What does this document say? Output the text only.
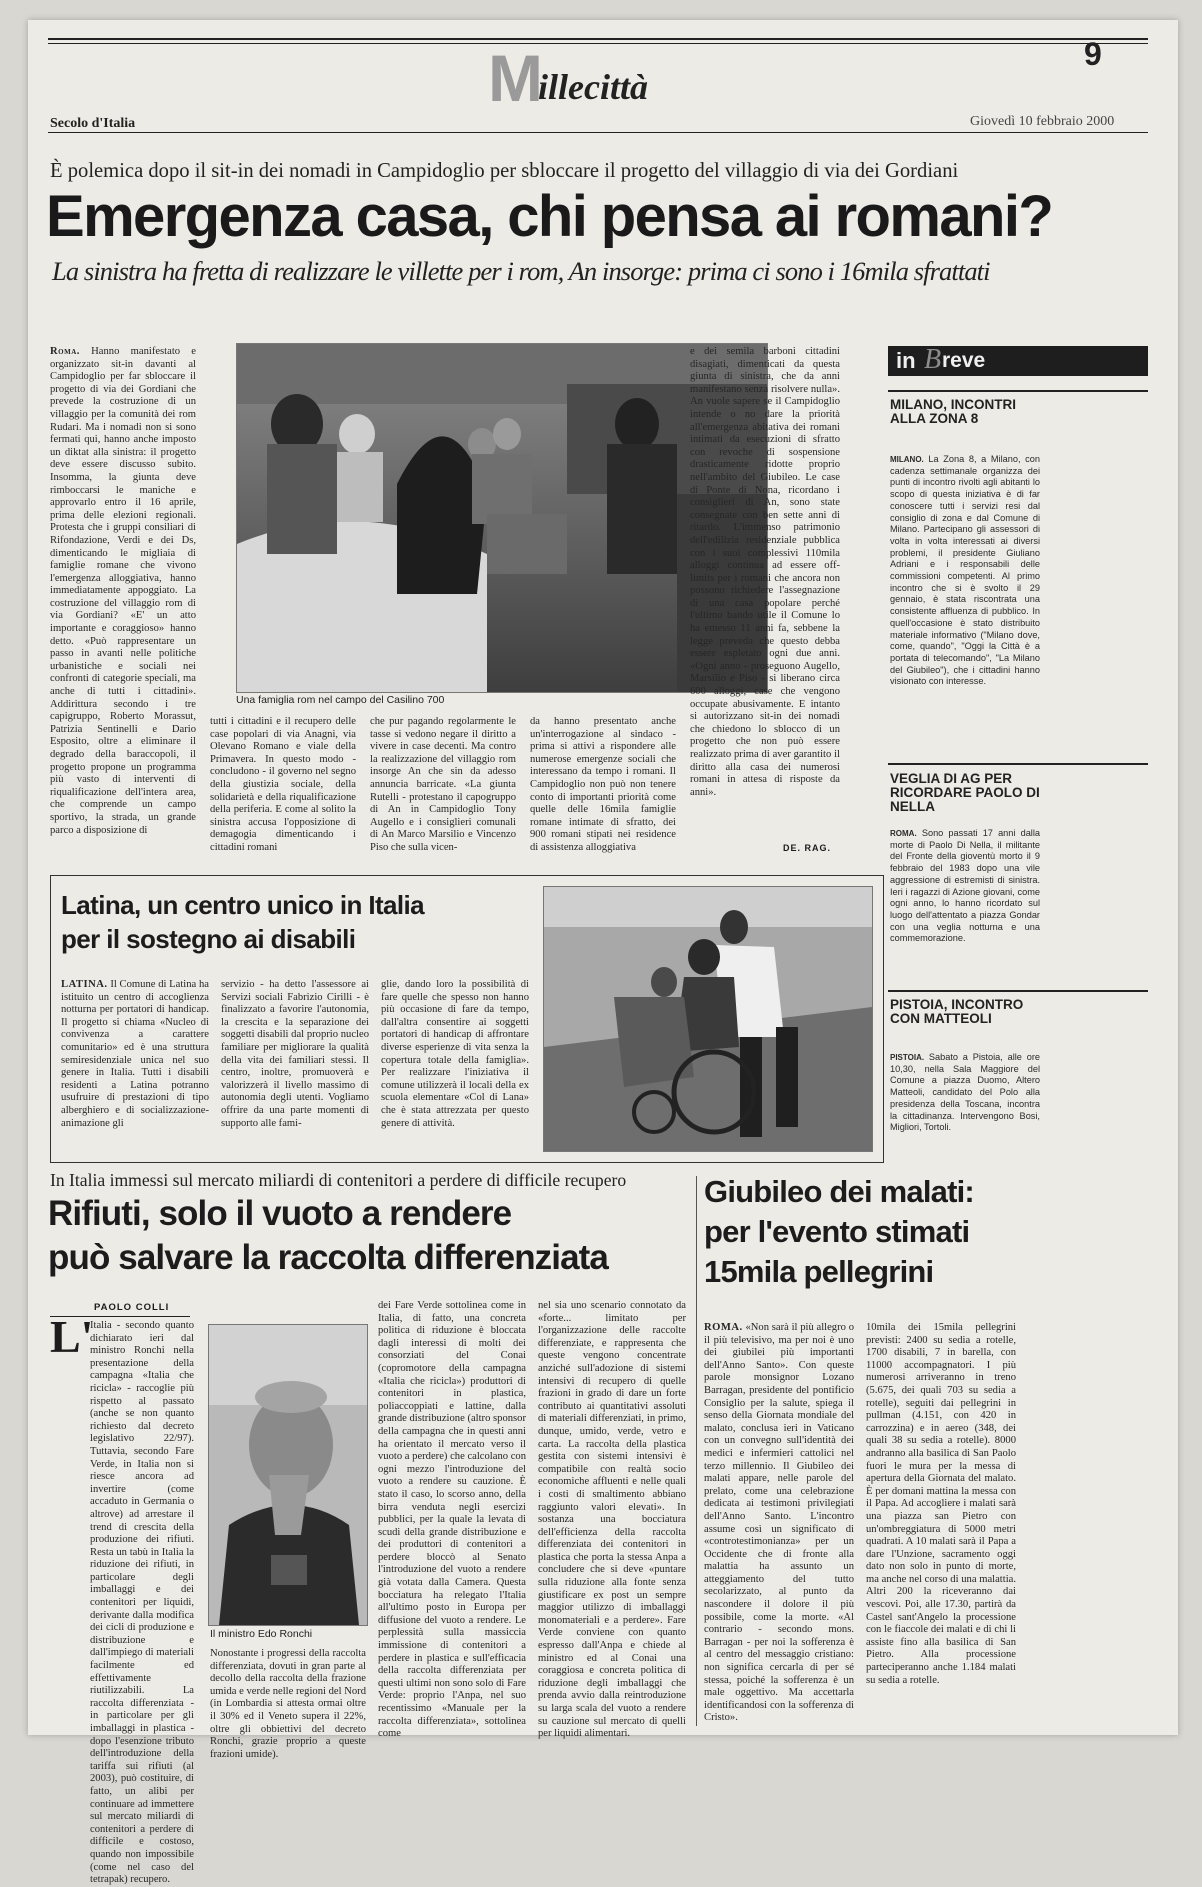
M
illecittà
9
Secolo d'Italia	Giovedì 10 febbraio 2000
È polemica dopo il sit-in dei nomadi in Campidoglio per sbloccare il progetto del villaggio di via dei Gordiani
Emergenza casa, chi pensa ai romani?
La sinistra ha fretta di realizzare le villette per i rom, An insorge: prima ci sono i 16mila sfrattati

Roma. Hanno manifestato e organizzato sit-in davanti al Campidoglio per far sbloccare il progetto di via dei Gordiani che prevede la costruzione di un villaggio per la comunità dei rom Rudari. Ma i nomadi non si sono fermati qui, hanno anche imposto un diktat alla sinistra: il progetto deve essere discusso subito. Insomma, la giunta deve rimboccarsi le maniche e approvarlo entro il 16 aprile, prima delle elezioni regionali. Protesta che i gruppi consiliari di Rifondazione, Verdi e dei Ds, dimenticando le migliaia di famiglie romane che vivono l'emergenza alloggiativa, hanno immediatamente appoggiato. La costruzione del villaggio rom di via Gordiani? «E' un atto importante e coraggioso» hanno detto. «Può rappresentare un passo in avanti nelle politiche urbanistiche e sociali nei confronti di categorie speciali, ma anche di tutti i cittadini». Addirittura secondo i tre capigruppo, Roberto Morassut, Patrizia Sentinelli e Dario Esposito, oltre a eliminare il degrado della baraccopoli, il progetto propone un programma più vasto di interventi di riqualificazione dell'intera area, che comprende un campo sportivo, la strada, un grande parco a disposizione di

Una famiglia rom nel campo del Casilino 700

tutti i cittadini e il recupero delle case popolari di via Anagni, via Olevano Romano e viale della Primavera. In questo modo - concludono - il governo nel segno della giustizia sociale, della solidarietà e della riqualificazione della periferia. E come al solito la sinistra accusa l'opposizione di demagogia dimenticando i cittadini romani

che pur pagando regolarmente le tasse si vedono negare il diritto a vivere in case decenti. Ma contro la realizzazione del villaggio rom insorge An che sin da adesso annuncia barricate. «La giunta Rutelli - protestano il capogruppo di An in Campidoglio Tony Augello e i consiglieri comunali di An Marco Marsilio e Vincenzo Piso che sulla vicen-

da hanno presentato anche un'interrogazione al sindaco - prima si attivi a rispondere alle numerose emergenze sociali che interessano da tempo i romani. Il Campidoglio non può non tenere conto di importanti priorità come quelle delle 16mila famiglie romane intimate di sfratto, dei 900 romani stipati nei residence di assistenza alloggiativa

e dei semila barboni cittadini disagiati, dimenticati da questa giunta di sinistra, che da anni manifestano senza risolvere nulla». An vuole sapere se il Campidoglio intende o no dare la priorità all'emergenza abitativa dei romani intimati da esecuzioni di sfratto con revoche di sospensione drasticamente ridotte proprio nell'ambito del Giubileo. Le case di Ponte di Nona, ricordano i consiglieri di An, sono state consegnate con ben sette anni di ritardo. L'immenso patrimonio dell'edilizia residenziale pubblica con i suoi complessivi 110mila alloggi continua ad essere off-limits per i romani che ancora non possono richiedere l'assegnazione di una casa popolare perché l'ultimo bando utile il Comune lo ha emesso 11 anni fa, sebbene la legge preveda che questo debba essere espletato ogni due anni. «Ogni anno - proseguono Augello, Marsilio e Piso - si liberano circa 600 alloggi, case che vengono occupate abusivamente. E intanto si autorizzano sit-in dei nomadi che chiedono lo sblocco di un progetto che non può essere realizzato prima di aver garantito il diritto alla casa dei numerosi romani in attesa di risposte da anni».

DE. RAG.
in B reve
MILANO, INCONTRI ALLA ZONA 8
MILANO. La Zona 8, a Milano, con cadenza settimanale organizza dei punti di incontro rivolti agli abitanti lo scopo di questa iniziativa è di far conoscere tutti i servizi resi dal consiglio di zona e dal Comune di Milano. Partecipano gli assessori di volta in volta interessati ai diversi problemi, il presidente Giuliano Adriani e i responsabili delle commissioni competenti. Al primo incontro che si è svolto il 29 gennaio, è stata riscontrata una consistente affluenza di pubblico. In quell'occasione è stato distribuito materiale informativo ("Milano dove, come, quando", "Oggi la Città è a portata di telecomando", "La Milano del Giubileo"), che i cittadini hanno visionato con interesse.
VEGLIA DI AG PER RICORDARE PAOLO DI NELLA
ROMA. Sono passati 17 anni dalla morte di Paolo Di Nella, il militante del Fronte della gioventù morto il 9 febbraio del 1983 dopo una vile aggressione di estremisti di sinistra. Ieri i ragazzi di Azione giovani, come ogni anno, lo hanno ricordato sul luogo dell'attentato a piazza Gondar con una veglia notturna e una commemorazione.
PISTOIA, INCONTRO CON MATTEOLI
PISTOIA. Sabato a Pistoia, alle ore 10,30, nella Sala Maggiore del Comune a piazza Duomo, Altero Matteoli, candidato del Polo alla presidenza della Toscana, incontra la cittadinanza. Intervengono Bosi, Migliori, Tortoli.
Latina, un centro unico in Italia
per il sostegno ai disabili

LATINA. Il Comune di Latina ha istituito un centro di accoglienza notturna per portatori di handicap. Il progetto si chiama «Nucleo di convivenza a carattere comunitario» ed è una struttura semiresidenziale unica nel suo genere in Italia. Tutti i disabili residenti a Latina potranno usufruire di prestazioni di tipo alberghiero e di socializzazione-animazione gli

servizio - ha detto l'assessore ai Servizi sociali Fabrizio Cirilli - è finalizzato a favorire l'autonomia, la crescita e la separazione dei soggetti disabili dal proprio nucleo familiare per migliorare la qualità della vita dei familiari stessi. Il centro, inoltre, promuoverà e valorizzerà il livello massimo di autonomia degli utenti. Vogliamo offrire da una parte momenti di supporto alle fami-

glie, dando loro la possibilità di fare quelle che spesso non hanno più occasione di fare da tempo, dall'altra consentire ai soggetti portatori di handicap di affrontare diverse esperienze di vita senza la copertura totale della famiglia». Per realizzare l'iniziativa il comune utilizzerà il locali della ex scuola elementare «Col di Lana» che è stata attrezzata per questo genere di attività.

In Italia immessi sul mercato miliardi di contenitori a perdere di difficile recupero
Rifiuti, solo il vuoto a rendere
può salvare la raccolta differenziata
PAOLO COLLI
L'

Italia - secondo quanto dichiarato ieri dal ministro Ronchi nella presentazione della campagna «Italia che ricicla» - raccoglie più rispetto al passato (anche se non quanto richiesto dal decreto legislativo 22/97). Tuttavia, secondo Fare Verde, in Italia non si riesce ancora ad invertire (come accaduto in Germania o altrove) ad arrestare il trend di crescita della produzione dei rifiuti. Resta un tabù in Italia la riduzione dei rifiuti, in particolare degli imballaggi e dei contenitori per liquidi, derivante dalla modifica dei cicli di produzione e distribuzione e dall'impiego di materiali facilmente ed effettivamente riutilizzabili. La raccolta differenziata - in particolare per gli imballaggi in plastica - dopo l'esenzione tributo dell'introduzione della tariffa sui rifiuti (al 2003), può costituire, di fatto, un alibi per continuare ad immettere sul mercato miliardi di contenitori a perdere di difficile e costoso, quando non impossibile (come nel caso del tetrapak) recupero.

Il ministro Edo Ronchi

Nonostante i progressi della raccolta differenziata, dovuti in gran parte al decollo della raccolta della frazione umida e verde nelle regioni del Nord (in Lombardia si attesta ormai oltre il 30% ed il Veneto supera il 22%, oltre gli obbiettivi del decreto Ronchi, grazie proprio a queste frazioni umide).

dei Fare Verde sottolinea come in Italia, di fatto, una concreta politica di riduzione è bloccata dagli interessi di molti dei consorziati del Conai (copromotore della campagna «Italia che ricicla») produttori di contenitori in plastica, poliaccoppiati e lattine, dalla grande distribuzione (altro sponsor della campagna che in questi anni ha orientato il mercato verso il vuoto a perdere) che calcolano con ogni mezzo l'introduzione del vuoto a rendere su cauzione. È stato il caso, lo scorso anno, della birra venduta negli esercizi pubblici, per la quale la levata di scudi della grande distribuzione e dei produttori di contenitori a perdere bloccò al Senato l'introduzione del vuoto a rendere già votata dalla Camera. Questa bocciatura ha relegato l'Italia all'ultimo posto in Europa per diffusione del vuoto a rendere. Le perplessità sulla massiccia immissione di contenitori a perdere in plastica e sull'efficacia della raccolta differenziata per questi ultimi non sono solo di Fare Verde: proprio l'Anpa, nel suo recentissimo «Manuale per la raccolta differenziata», sottolinea come

nel sia uno scenario connotato da «forte... limitato per l'organizzazione delle raccolte differenziate, e rappresenta che queste vengono concentrate anziché sull'adozione di sistemi intensivi di recupero di quelle frazioni in grado di dare un forte contributo ai quantitativi assoluti di materiali differenziati, in primo, dunque, umido, verde, vetro e carta. La raccolta della plastica gestita con sistemi intensivi è compatibile con realtà socio economiche affluenti e nelle quali i costi di smaltimento abbiano raggiunto valori elevati». In sostanza una bocciatura dell'efficienza della raccolta differenziata dei contenitori in plastica che porta la stessa Anpa a concludere che si deve «puntare sulla riduzione alla fonte senza giustificare ex post un sempre maggior utilizzo di imballaggi monomateriali e a perdere». Fare Verde conviene con quanto espresso dall'Anpa e chiede al ministro ed al Conai una coraggiosa e concreta politica di riduzione degli imballaggi che prenda avvio dalla reintroduzione su larga scala del vuoto a rendere su cauzione sul mercato di quelli per liquidi alimentari.

Giubileo dei malati:
per l'evento stimati
15mila pellegrini

ROMA. «Non sarà il più allegro o il più televisivo, ma per noi è uno dei giubilei più importanti dell'Anno Santo». Con queste parole monsignor Lozano Barragan, presidente del pontificio Consiglio per la salute, spiega il senso della Giornata mondiale del malato, conclusa ieri in Vaticano con un convegno sull'identità dei medici e infermieri cattolici nel terzo millennio. Il Giubileo dei malati appare, nelle parole del prelato, come una celebrazione dedicata ai testimoni privilegiati dell'Anno Santo. L'incontro assume così un significato di «controtestimonianza» per un Occidente che di fronte alla malattia ha assunto un atteggiamento del tutto secolarizzato, al punto da nascondere il dolore il più possibile, come la morte. «Al contrario - secondo mons. Barragan - per noi la sofferenza è al centro del messaggio cristiano: non significa cercarla di per sé stessa, poiché la sofferenza è un male oggettivo. Ma accettarla identificandosi con la sofferenza di Cristo».

10mila dei 15mila pellegrini previsti: 2400 su sedia a rotelle, 1700 disabili, 7 in barella, con 11000 accompagnatori. I più numerosi arriveranno in treno (5.675, dei quali 703 su sedia a rotelle), seguiti dai pellegrini in pullman (4.151, con 420 in carrozzina) e in aereo (348, dei quali 38 su sedia a rotelle). 8000 andranno alla basilica di San Paolo fuori le mura per la messa di apertura della Giornata del malato. È per domani mattina la messa con il Papa. Ad accogliere i malati sarà una piazza san Pietro con un'ombreggiatura di 5000 metri quadrati. A 10 malati sarà il Papa a dare l'Unzione, sacramento oggi dato non solo in punto di morte, ma anche nel corso di una malattia. Altri 200 la riceveranno dai vescovi. Poi, alle 17.30, partirà da Castel sant'Angelo la processione con le fiaccole dei malati e di chi li assiste fino alla basilica di San Pietro. Alla processione parteciperanno anche 1.184 malati su sedia a rotelle.
